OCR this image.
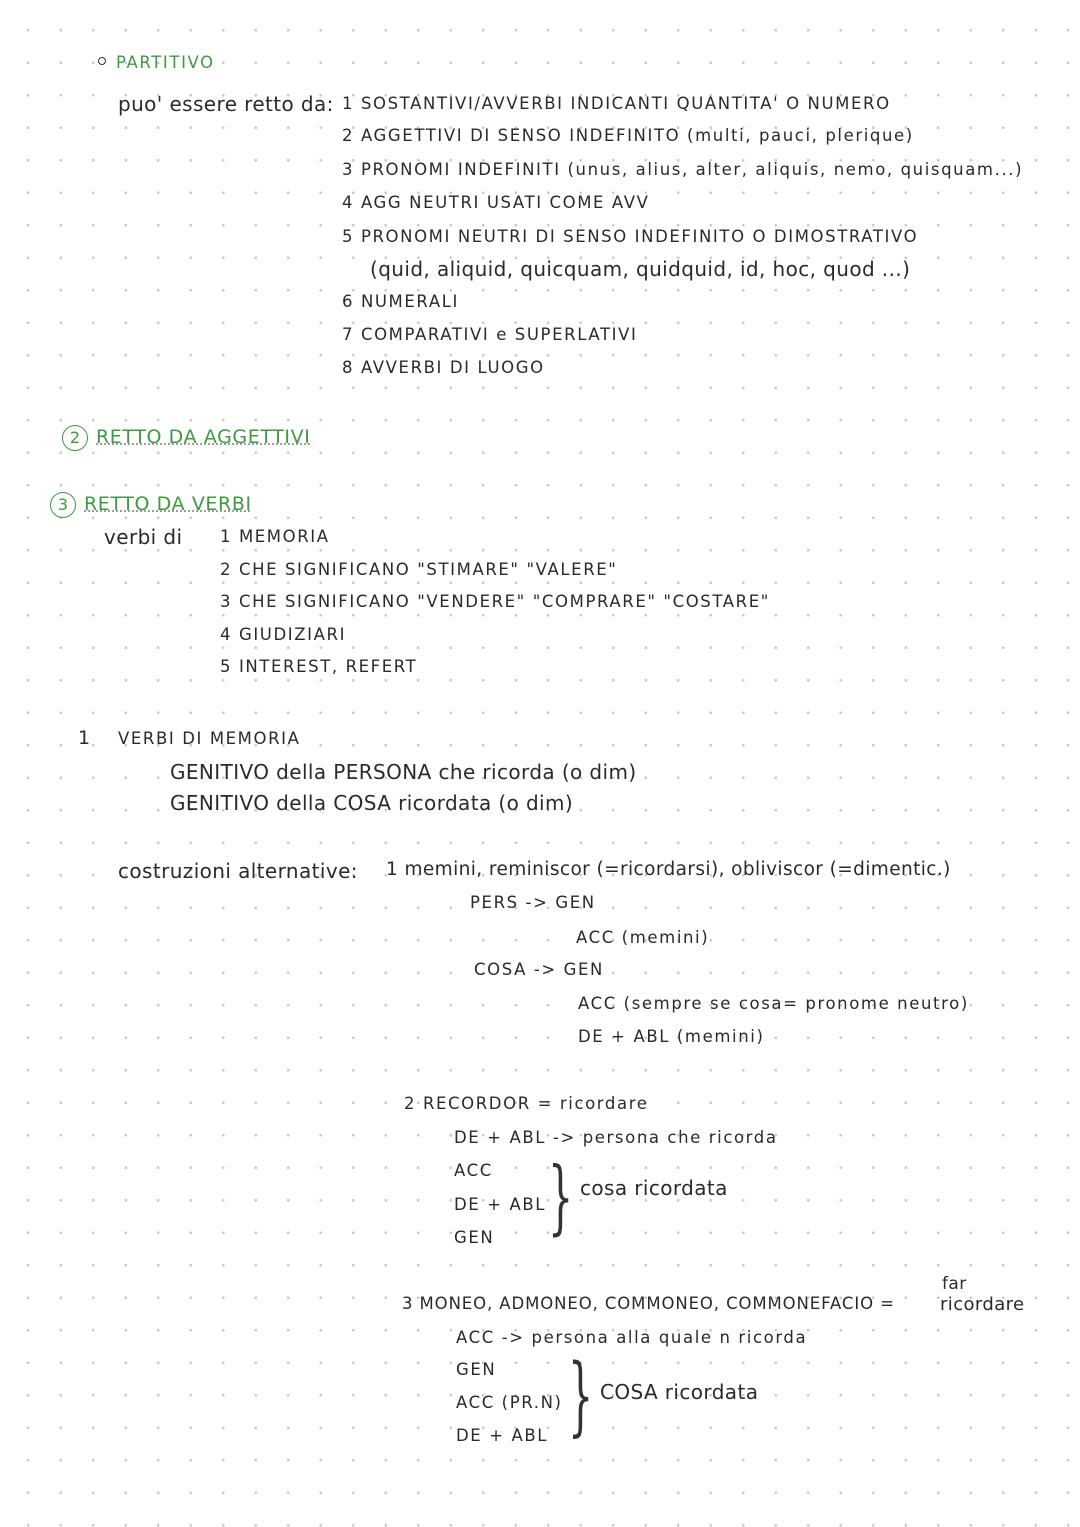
PARTITIVO
puo' essere retto da: 1 SOSTANTIVI/AVVERBI INDICANTI QUANTITA' O NUMERO
2 AGGETTIVI DI SENSO INDEFINITO (multi, pauci, plerique)
3 PRONOMI INDEFINITI (unus, alius, alter, aliquis, nemo, quisquam...)
4 AGG NEUTRI USATI COME AVV
5 PRONOMI NEUTRI DI SENSO INDEFINITO O DIMOSTRATIVO
(quid, aliquid, quicquam, quidquid, id, hoc, quod ...)
6 NUMERALI
7 COMPARATIVI e SUPERLATIVI
8 AVVERBI DI LUOGO
2 RETTO DA AGGETTIVI
3 RETTO DA VERBI
verbi di 1 MEMORIA
2 CHE SIGNIFICANO "STIMARE" "VALERE"
3 CHE SIGNIFICANO "VENDERE" "COMPRARE" "COSTARE"
4 GIUDIZIARI
5 INTEREST, REFERT
1 VERBI DI MEMORIA
GENITIVO della PERSONA che ricorda (o dim)
GENITIVO della COSA ricordata (o dim)
costruzioni alternative: 1 memini, reminiscor (=ricordarsi), obliviscor (=dimentic.)
PERS -> GEN
ACC (memini)
COSA -> GEN
ACC (sempre se cosa= pronome neutro)
DE + ABL (memini)
2 RECORDOR = ricordare
DE + ABL -> persona che ricorda
ACC
DE + ABL
GEN } cosa ricordata
far
3 MONEO, ADMONEO, COMMONEO, COMMONEFACIO =	ricordare
ACC -> persona alla quale n ricorda
GEN
ACC (PR.N)
DE + ABL } COSA ricordata
